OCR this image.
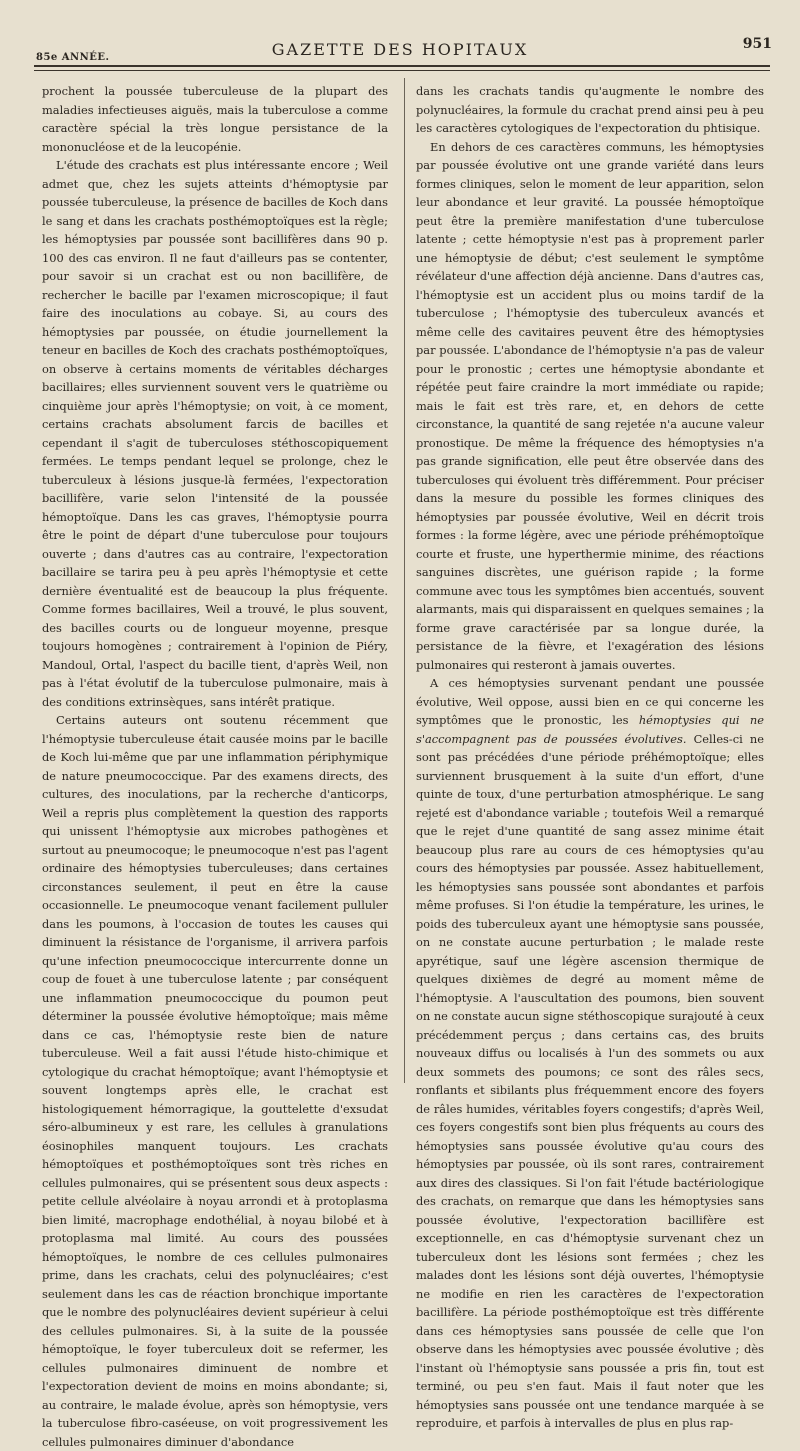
85e ANNÉE.	GAZETTE DES HOPITAUX	951

prochent la poussée tuberculeuse de la plupart des maladies infectieuses aiguës, mais la tuberculose a comme caractère spécial la très longue persistance de la mononucléose et de la leucopénie.

L'étude des crachats est plus intéressante encore ; Weil admet que, chez les sujets atteints d'hémoptysie par poussée tuberculeuse, la présence de bacilles de Koch dans le sang et dans les crachats posthémoptoïques est la règle; les hémoptysies par poussée sont bacillifères dans 90 p. 100 des cas environ. Il ne faut d'ailleurs pas se contenter, pour savoir si un crachat est ou non bacillifère, de rechercher le bacille par l'examen microscopique; il faut faire des inoculations au cobaye. Si, au cours des hémoptysies par poussée, on étudie journellement la teneur en bacilles de Koch des crachats posthémoptoïques, on observe à certains moments de véritables décharges bacillaires; elles surviennent souvent vers le quatrième ou cinquième jour après l'hémoptysie; on voit, à ce moment, certains crachats absolument farcis de bacilles et cependant il s'agit de tuberculoses stéthoscopiquement fermées. Le temps pendant lequel se prolonge, chez le tuberculeux à lésions jusque-là fermées, l'expectoration bacillifère, varie selon l'intensité de la poussée hémoptoïque. Dans les cas graves, l'hémoptysie pourra être le point de départ d'une tuberculose pour toujours ouverte ; dans d'autres cas au contraire, l'expectoration bacillaire se tarira peu à peu après l'hémoptysie et cette dernière éventualité est de beaucoup la plus fréquente. Comme formes bacillaires, Weil a trouvé, le plus souvent, des bacilles courts ou de longueur moyenne, presque toujours homogènes ; contrairement à l'opinion de Piéry, Mandoul, Ortal, l'aspect du bacille tient, d'après Weil, non pas à l'état évolutif de la tuberculose pulmonaire, mais à des conditions extrinsèques, sans intérêt pratique.

Certains auteurs ont soutenu récemment que l'hémoptysie tuberculeuse était causée moins par le bacille de Koch lui-même que par une inflammation périphymique de nature pneumococcique. Par des examens directs, des cultures, des inoculations, par la recherche d'anticorps, Weil a repris plus complètement la question des rapports qui unissent l'hémoptysie aux microbes pathogènes et surtout au pneumocoque; le pneumocoque n'est pas l'agent ordinaire des hémoptysies tuberculeuses; dans certaines circonstances seulement, il peut en être la cause occasionnelle. Le pneumocoque venant facilement pulluler dans les poumons, à l'occasion de toutes les causes qui diminuent la résistance de l'organisme, il arrivera parfois qu'une infection pneumococcique intercurrente donne un coup de fouet à une tuberculose latente ; par conséquent une inflammation pneumococcique du poumon peut déterminer la poussée évolutive hémoptoïque; mais même dans ce cas, l'hémoptysie reste bien de nature tuberculeuse. Weil a fait aussi l'étude histo-chimique et cytologique du crachat hémoptoïque; avant l'hémoptysie et souvent longtemps après elle, le crachat est histologiquement hémorragique, la gouttelette d'exsudat séro-albumineux y est rare, les cellules à granulations éosinophiles manquent toujours. Les crachats hémoptoïques et posthémoptoïques sont très riches en cellules pulmonaires, qui se présentent sous deux aspects : petite cellule alvéolaire à noyau arrondi et à protoplasma bien limité, macrophage endothélial, à noyau bilobé et à protoplasma mal limité. Au cours des poussées hémoptoïques, le nombre de ces cellules pulmonaires prime, dans les crachats, celui des polynucléaires; c'est seulement dans les cas de réaction bronchique importante que le nombre des polynucléaires devient supérieur à celui des cellules pulmonaires. Si, à la suite de la poussée hémoptoïque, le foyer tuberculeux doit se refermer, les cellules pulmonaires diminuent de nombre et l'expectoration devient de moins en moins abondante; si, au contraire, le malade évolue, après son hémoptysie, vers la tuberculose fibro-caséeuse, on voit progressivement les cellules pulmonaires diminuer d'abondance

dans les crachats tandis qu'augmente le nombre des polynucléaires, la formule du crachat prend ainsi peu à peu les caractères cytologiques de l'expectoration du phtisique.

En dehors de ces caractères communs, les hémoptysies par poussée évolutive ont une grande variété dans leurs formes cliniques, selon le moment de leur apparition, selon leur abondance et leur gravité. La poussée hémoptoïque peut être la première manifestation d'une tuberculose latente ; cette hémoptysie n'est pas à proprement parler une hémoptysie de début; c'est seulement le symptôme révélateur d'une affection déjà ancienne. Dans d'autres cas, l'hémoptysie est un accident plus ou moins tardif de la tuberculose ; l'hémoptysie des tuberculeux avancés et même celle des cavitaires peuvent être des hémoptysies par poussée. L'abondance de l'hémoptysie n'a pas de valeur pour le pronostic ; certes une hémoptysie abondante et répétée peut faire craindre la mort immédiate ou rapide; mais le fait est très rare, et, en dehors de cette circonstance, la quantité de sang rejetée n'a aucune valeur pronostique. De même la fréquence des hémoptysies n'a pas grande signification, elle peut être observée dans des tuberculoses qui évoluent très différemment. Pour préciser dans la mesure du possible les formes cliniques des hémoptysies par poussée évolutive, Weil en décrit trois formes : la forme légère, avec une période préhémoptoïque courte et fruste, une hyperthermie minime, des réactions sanguines discrètes, une guérison rapide ; la forme commune avec tous les symptômes bien accentués, souvent alarmants, mais qui disparaissent en quelques semaines ; la forme grave caractérisée par sa longue durée, la persistance de la fièvre, et l'exagération des lésions pulmonaires qui resteront à jamais ouvertes.

A ces hémoptysies survenant pendant une poussée évolutive, Weil oppose, aussi bien en ce qui concerne les symptômes que le pronostic, les hémoptysies qui ne s'accompagnent pas de poussées évolutives. Celles-ci ne sont pas précédées d'une période préhémoptoïque; elles surviennent brusquement à la suite d'un effort, d'une quinte de toux, d'une perturbation atmosphérique. Le sang rejeté est d'abondance variable ; toutefois Weil a remarqué que le rejet d'une quantité de sang assez minime était beaucoup plus rare au cours de ces hémoptysies qu'au cours des hémoptysies par poussée. Assez habituellement, les hémoptysies sans poussée sont abondantes et parfois même profuses. Si l'on étudie la température, les urines, le poids des tuberculeux ayant une hémoptysie sans poussée, on ne constate aucune perturbation ; le malade reste apyrétique, sauf une légère ascension thermique de quelques dixièmes de degré au moment même de l'hémoptysie. A l'auscultation des poumons, bien souvent on ne constate aucun signe stéthoscopique surajouté à ceux précédemment perçus ; dans certains cas, des bruits nouveaux diffus ou localisés à l'un des sommets ou aux deux sommets des poumons; ce sont des râles secs, ronflants et sibilants plus fréquemment encore des foyers de râles humides, véritables foyers congestifs; d'après Weil, ces foyers congestifs sont bien plus fréquents au cours des hémoptysies sans poussée évolutive qu'au cours des hémoptysies par poussée, où ils sont rares, contrairement aux dires des classiques. Si l'on fait l'étude bactériologique des crachats, on remarque que dans les hémoptysies sans poussée évolutive, l'expectoration bacillifère est exceptionnelle, en cas d'hémoptysie survenant chez un tuberculeux dont les lésions sont fermées ; chez les malades dont les lésions sont déjà ouvertes, l'hémoptysie ne modifie en rien les caractères de l'expectoration bacillifère. La période posthémoptoïque est très différente dans ces hémoptysies sans poussée de celle que l'on observe dans les hémoptysies avec poussée évolutive ; dès l'instant où l'hémoptysie sans poussée a pris fin, tout est terminé, ou peu s'en faut. Mais il faut noter que les hémoptysies sans poussée ont une tendance marquée à se reproduire, et parfois à intervalles de plus en plus rap-
